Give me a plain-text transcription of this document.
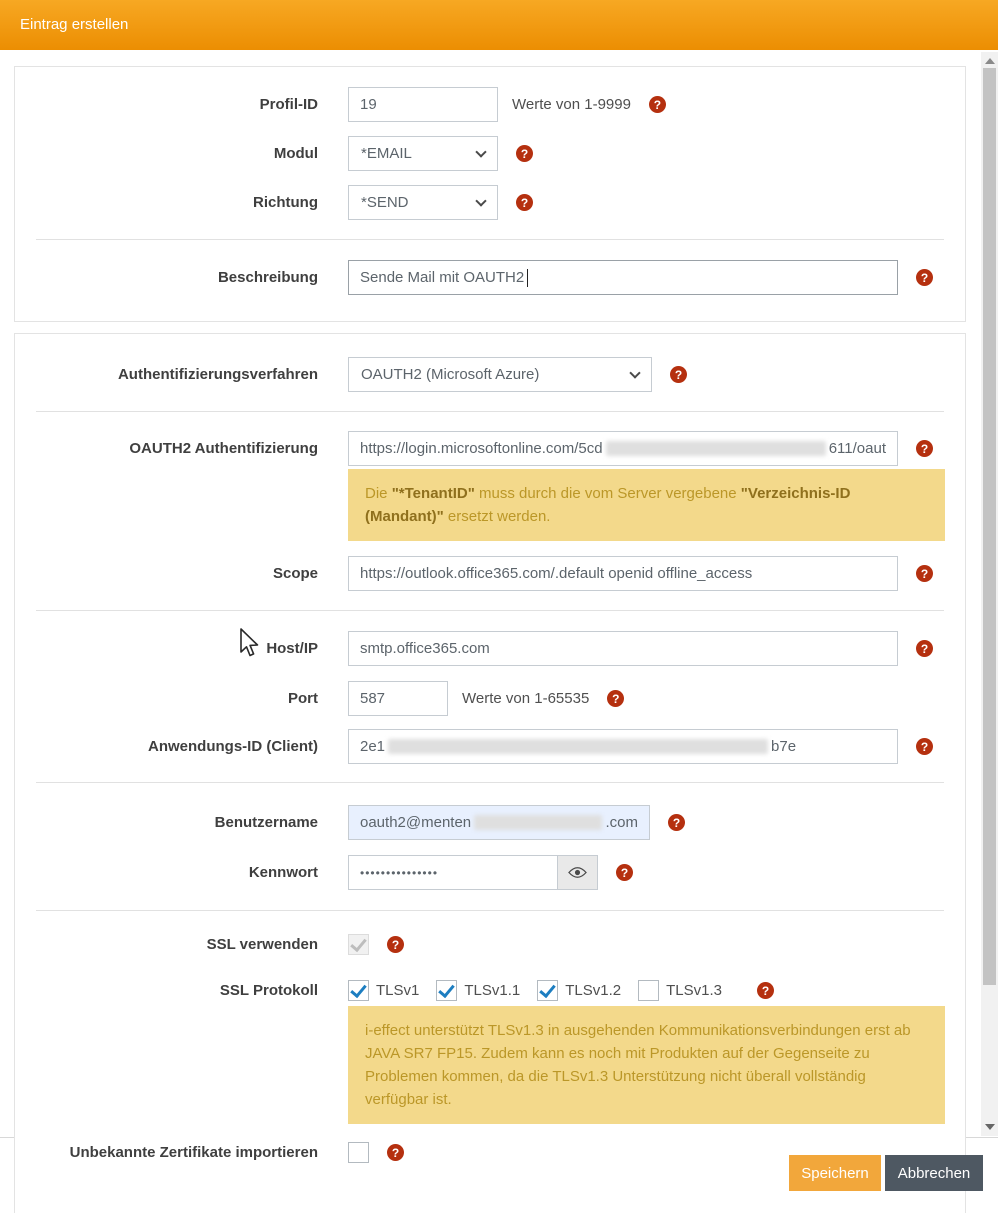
Eintrag erstellen
Profil-ID	19	Werte von 1-9999	?
Modul	*EMAIL	?
Richtung	*SEND	?
Beschreibung	Sende Mail mit OAUTH2	?
Authentifizierungsverfahren	OAUTH2 (Microsoft Azure)	?
OAUTH2 Authentifizierung	https://login.microsoftonline.com/5cd	611/oaut	?
Die "*TenantID" muss durch die vom Server vergebene "Verzeichnis-ID (Mandant)" ersetzt werden.
Scope	https://outlook.office365.com/.default openid offline_access	?
Host/IP	smtp.office365.com	?
Port	587	Werte von 1-65535	?
Anwendungs-ID (Client)	2e1	b7e	?
Benutzername	oauth2@menten	.com	?
Kennwort	•••••••••••••••	?
SSL verwenden	?
SSL Protokoll	TLSv1	TLSv1.1	TLSv1.2	TLSv1.3	?
i-effect unterstützt TLSv1.3 in ausgehenden Kommunikationsverbindungen erst ab JAVA SR7 FP15. Zudem kann es noch mit Produkten auf der Gegenseite zu Problemen kommen, da die TLSv1.3 Unterstützung nicht überall vollständig verfügbar ist.
Unbekannte Zertifikate importieren	?
Speichern	Abbrechen
